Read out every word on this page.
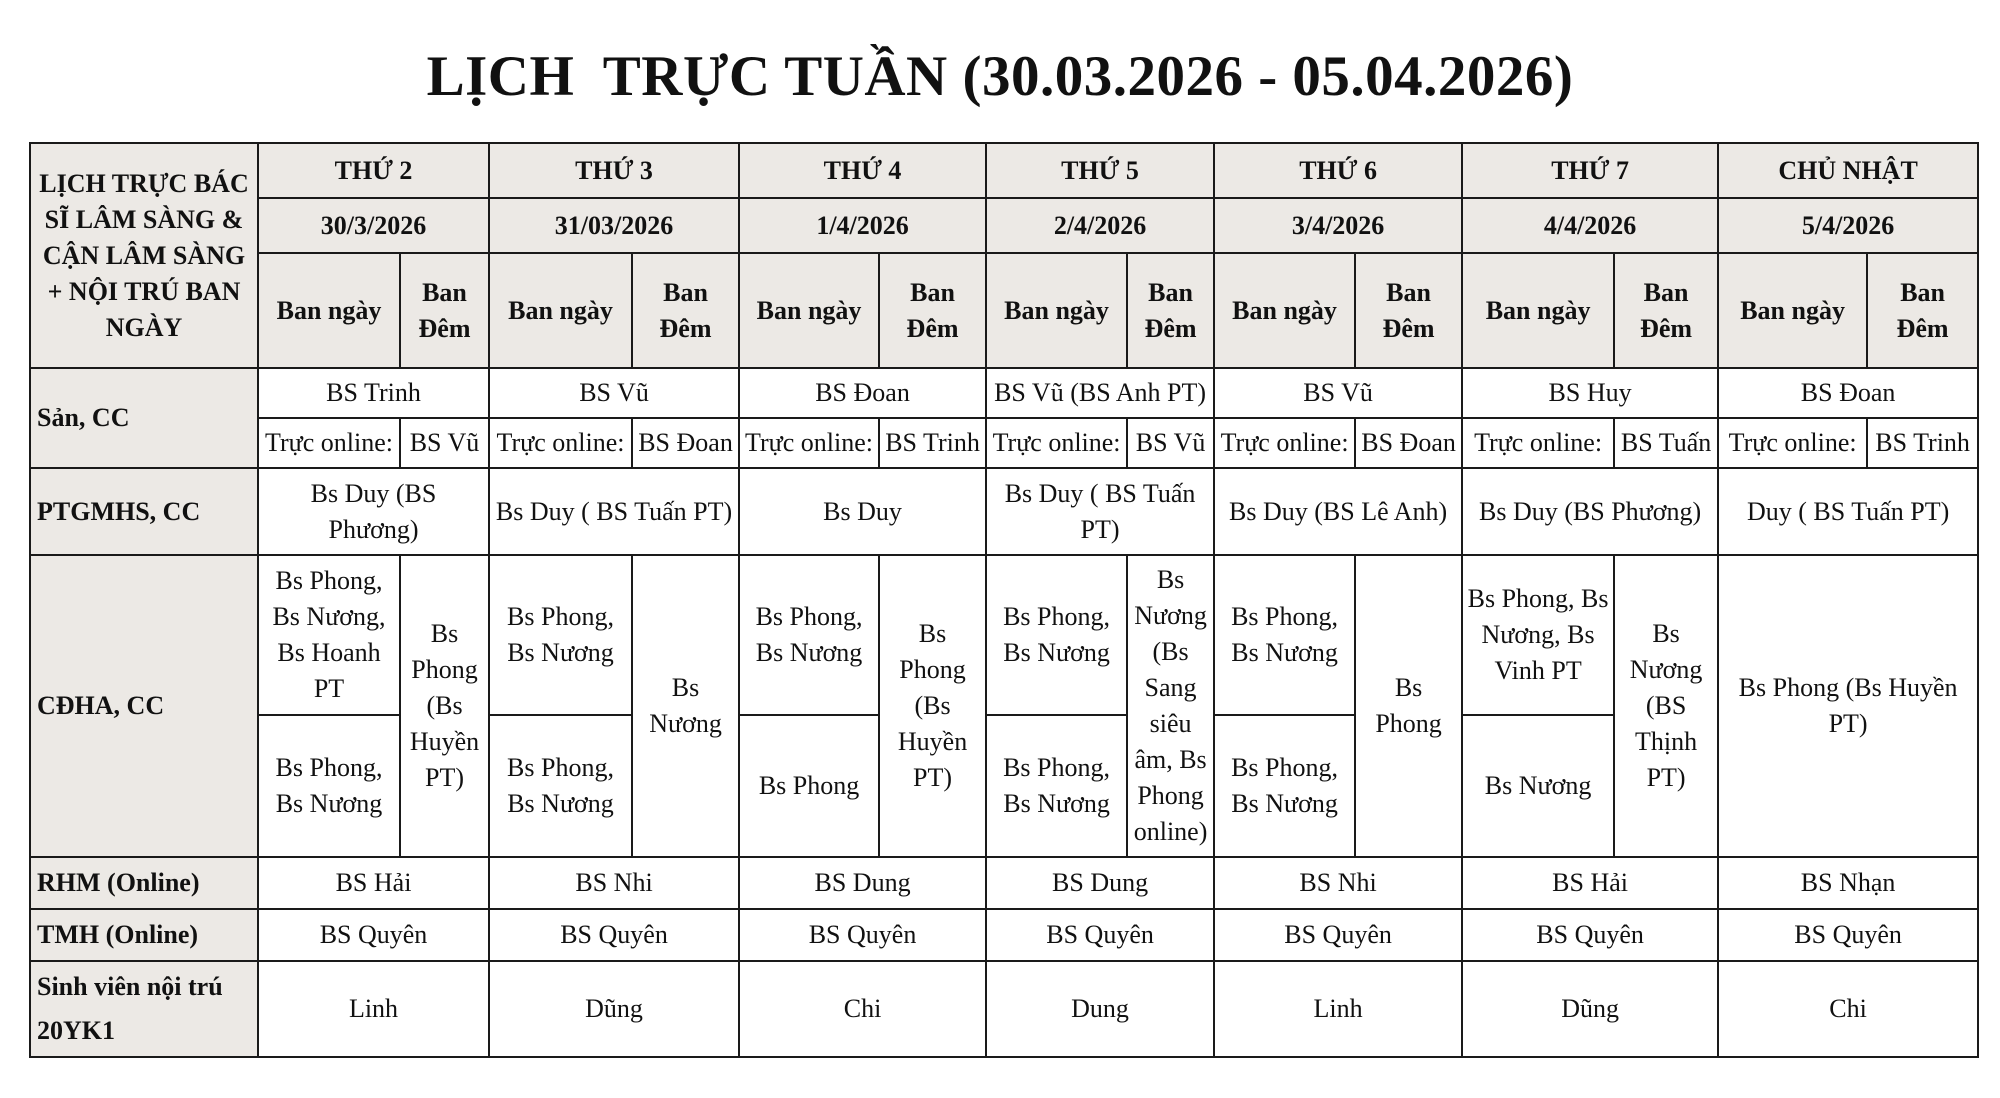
LỊCH  TRỰC TUẦN (30.03.2026 - 05.04.2026)
LỊCH TRỰC BÁC SĨ LÂM SÀNG & CẬN LÂM SÀNG + NỘI TRÚ BAN NGÀY	THỨ 2		THỨ 3		THỨ 4		THỨ 5		THỨ 6		THỨ 7		CHỦ NHẬT	
	30/3/2026		31/03/2026		1/4/2026		2/4/2026		3/4/2026		4/4/2026		5/4/2026	
	Ban ngày	Ban Đêm	Ban ngày	Ban Đêm	Ban ngày	Ban Đêm	Ban ngày	Ban Đêm	Ban ngày	Ban Đêm	Ban ngày	Ban Đêm	Ban ngày	Ban Đêm
Sản, CC	BS Trinh		BS Vũ		BS Đoan		BS Vũ (BS Anh PT)		BS Vũ		BS Huy		BS Đoan	
	Trực online:	BS Vũ	Trực online:	BS Đoan	Trực online:	BS Trinh	Trực online:	BS Vũ	Trực online:	BS Đoan	Trực online:	BS Tuấn	Trực online:	BS Trinh
PTGMHS, CC	Bs Duy (BS Phương)		Bs Duy ( BS Tuấn PT)		Bs Duy		Bs Duy ( BS Tuấn PT)		Bs Duy (BS Lê Anh)		Bs Duy (BS Phương)		Duy ( BS Tuấn PT)	
CĐHA, CC	Bs Phong, Bs Nương, Bs Hoanh PT	Bs Phong (Bs Huyền PT)	Bs Phong, Bs Nương	Bs Nương	Bs Phong, Bs Nương	Bs Phong (Bs Huyền PT)	Bs Phong, Bs Nương	Bs Nương (Bs Sang siêu âm, Bs Phong online)	Bs Phong, Bs Nương	Bs Phong	Bs Phong, Bs Nương, Bs Vinh PT	Bs Nương (BS Thịnh PT)	Bs Phong (Bs Huyền PT)	
	Bs Phong, Bs Nương		Bs Phong, Bs Nương		Bs Phong		Bs Phong, Bs Nương		Bs Phong, Bs Nương		Bs Nương			
RHM (Online)	BS Hải		BS Nhi		BS Dung		BS Dung		BS Nhi		BS Hải		BS Nhạn	
TMH (Online)	BS Quyên		BS Quyên		BS Quyên		BS Quyên		BS Quyên		BS Quyên		BS Quyên	
Sinh viên nội trú 20YK1	Linh		Dũng		Chi		Dung		Linh		Dũng		Chi	
